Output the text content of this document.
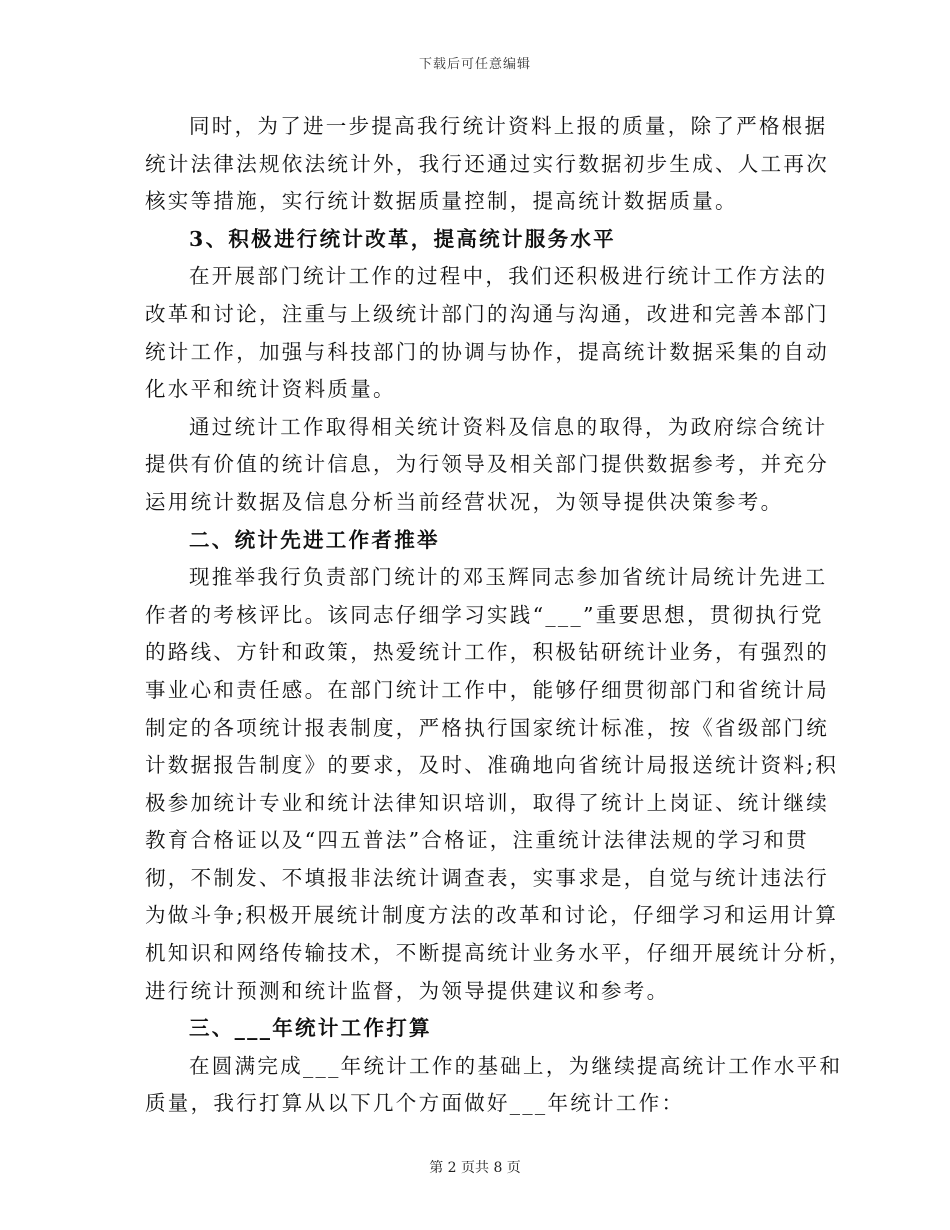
下载后可任意编辑
同时，为了进一步提高我行统计资料上报的质量，除了严格根据
统计法律法规依法统计外，我行还通过实行数据初步生成、人工再次
核实等措施，实行统计数据质量控制，提高统计数据质量。
3、积极进行统计改革，提高统计服务水平
在开展部门统计工作的过程中，我们还积极进行统计工作方法的
改革和讨论，注重与上级统计部门的沟通与沟通，改进和完善本部门
统计工作，加强与科技部门的协调与协作，提高统计数据采集的自动
化水平和统计资料质量。
通过统计工作取得相关统计资料及信息的取得，为政府综合统计
提供有价值的统计信息，为行领导及相关部门提供数据参考，并充分
运用统计数据及信息分析当前经营状况，为领导提供决策参考。
二、统计先进工作者推举
现推举我行负责部门统计的邓玉辉同志参加省统计局统计先进工
作者的考核评比。该同志仔细学习实践“___”重要思想，贯彻执行党
的路线、方针和政策，热爱统计工作，积极钻研统计业务，有强烈的
事业心和责任感。在部门统计工作中，能够仔细贯彻部门和省统计局
制定的各项统计报表制度，严格执行国家统计标准，按《省级部门统
计数据报告制度》的要求，及时、准确地向省统计局报送统计资料;积
极参加统计专业和统计法律知识培训，取得了统计上岗证、统计继续
教育合格证以及“四五普法”合格证，注重统计法律法规的学习和贯
彻，不制发、不填报非法统计调查表，实事求是，自觉与统计违法行
为做斗争;积极开展统计制度方法的改革和讨论，仔细学习和运用计算
机知识和网络传输技术，不断提高统计业务水平，仔细开展统计分析，
进行统计预测和统计监督，为领导提供建议和参考。
三、___年统计工作打算
在圆满完成___年统计工作的基础上，为继续提高统计工作水平和
质量，我行打算从以下几个方面做好___年统计工作：
第 2 页共 8 页
